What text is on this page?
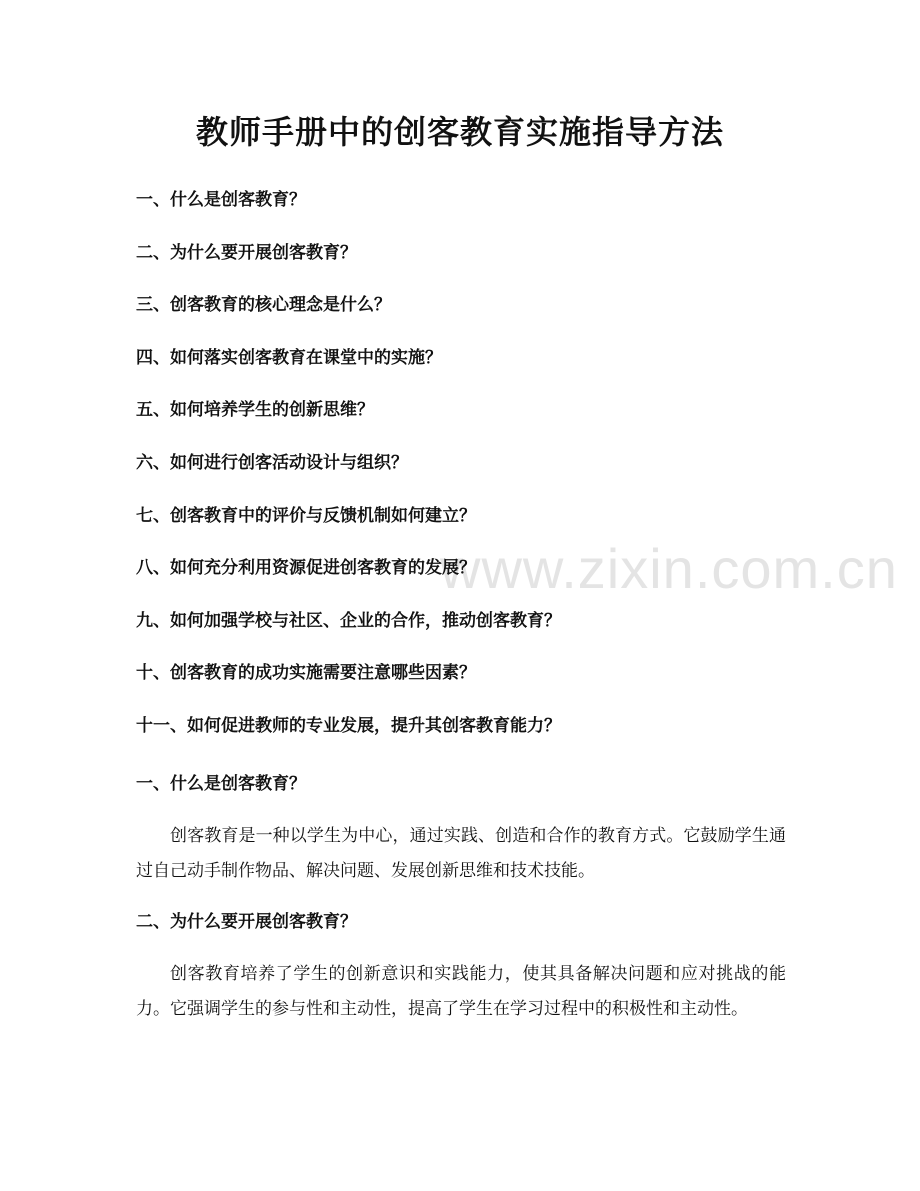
www.zixin.com.cn
教师手册中的创客教育实施指导方法
一、什么是创客教育？
二、为什么要开展创客教育？
三、创客教育的核心理念是什么？
四、如何落实创客教育在课堂中的实施？
五、如何培养学生的创新思维？
六、如何进行创客活动设计与组织？
七、创客教育中的评价与反馈机制如何建立？
八、如何充分利用资源促进创客教育的发展？
九、如何加强学校与社区、企业的合作，推动创客教育？
十、创客教育的成功实施需要注意哪些因素？
十一、如何促进教师的专业发展，提升其创客教育能力？
一、什么是创客教育？

创客教育是一种以学生为中心，通过实践、创造和合作的教育方式。它鼓励学生通过自己动手制作物品、解决问题、发展创新思维和技术技能。

二、为什么要开展创客教育？

创客教育培养了学生的创新意识和实践能力，使其具备解决问题和应对挑战的能力。它强调学生的参与性和主动性，提高了学生在学习过程中的积极性和主动性。
